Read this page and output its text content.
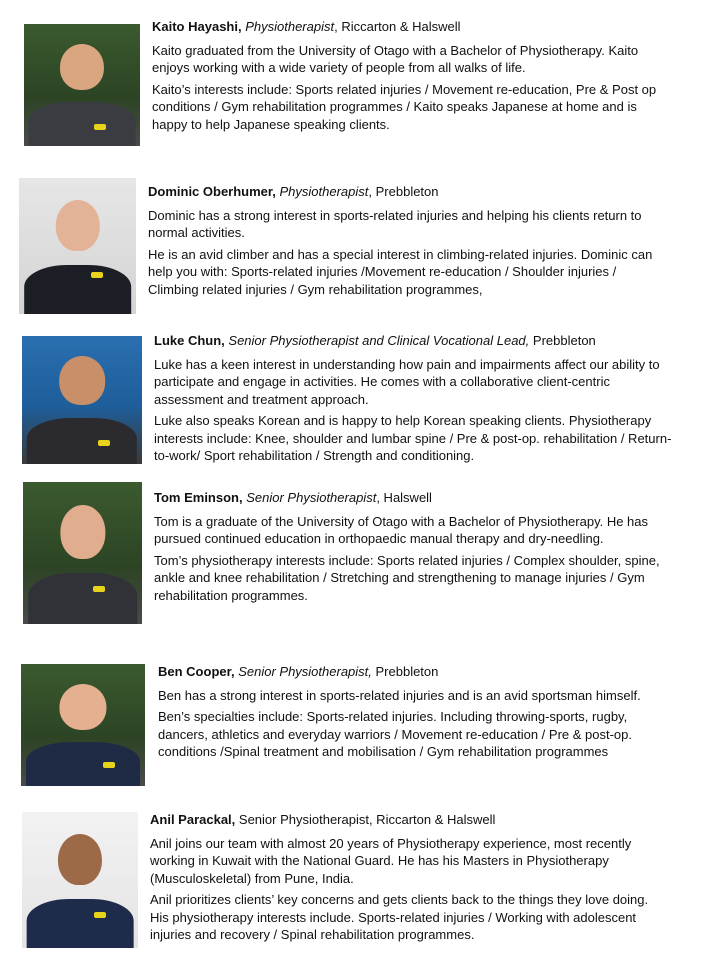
Kaito Hayashi, Physiotherapist, Riccarton & Halswell

Kaito graduated from the University of Otago with a Bachelor of Physiotherapy. Kaito enjoys working with a wide variety of people from all walks of life.

Kaito’s interests include: Sports related injuries / Movement re-education, Pre & Post op conditions / Gym rehabilitation programmes / Kaito speaks Japanese at home and is happy to help Japanese speaking clients.

Dominic Oberhumer, Physiotherapist, Prebbleton

Dominic has a strong interest in sports-related injuries and helping his clients return to normal activities.

He is an avid climber and has a special interest in climbing-related injuries. Dominic can help you with: Sports-related injuries /Movement re-education / Shoulder injuries / Climbing related injuries / Gym rehabilitation programmes,

Luke Chun, Senior Physiotherapist and Clinical Vocational Lead, Prebbleton

Luke has a keen interest in understanding how pain and impairments affect our ability to participate and engage in activities. He comes with a collaborative client-centric assessment and treatment approach.

Luke also speaks Korean and is happy to help Korean speaking clients. Physiotherapy interests include: Knee, shoulder and lumbar spine / Pre & post-op. rehabilitation / Return-to-work/ Sport rehabilitation / Strength and conditioning.

Tom Eminson, Senior Physiotherapist, Halswell

Tom is a graduate of the University of Otago with a Bachelor of Physiotherapy. He has pursued continued education in orthopaedic manual therapy and dry-needling.

Tom’s physiotherapy interests include: Sports related injuries / Complex shoulder, spine, ankle and knee rehabilitation / Stretching and strengthening to manage injuries / Gym rehabilitation programmes.

Ben Cooper, Senior Physiotherapist, Prebbleton

Ben has a strong interest in sports-related injuries and is an avid sportsman himself.

Ben’s specialties include: Sports-related injuries. Including throwing-sports, rugby, dancers, athletics and everyday warriors / Movement re-education / Pre & post-op. conditions /Spinal treatment and mobilisation / Gym rehabilitation programmes

Anil Parackal, Senior Physiotherapist, Riccarton & Halswell

Anil joins our team with almost 20 years of Physiotherapy experience, most recently working in Kuwait with the National Guard. He has his Masters in Physiotherapy (Musculoskeletal) from Pune, India.

Anil prioritizes clients’ key concerns and gets clients back to the things they love doing. His physiotherapy interests include. Sports-related injuries / Working with adolescent injuries and recovery / Spinal rehabilitation programmes.
